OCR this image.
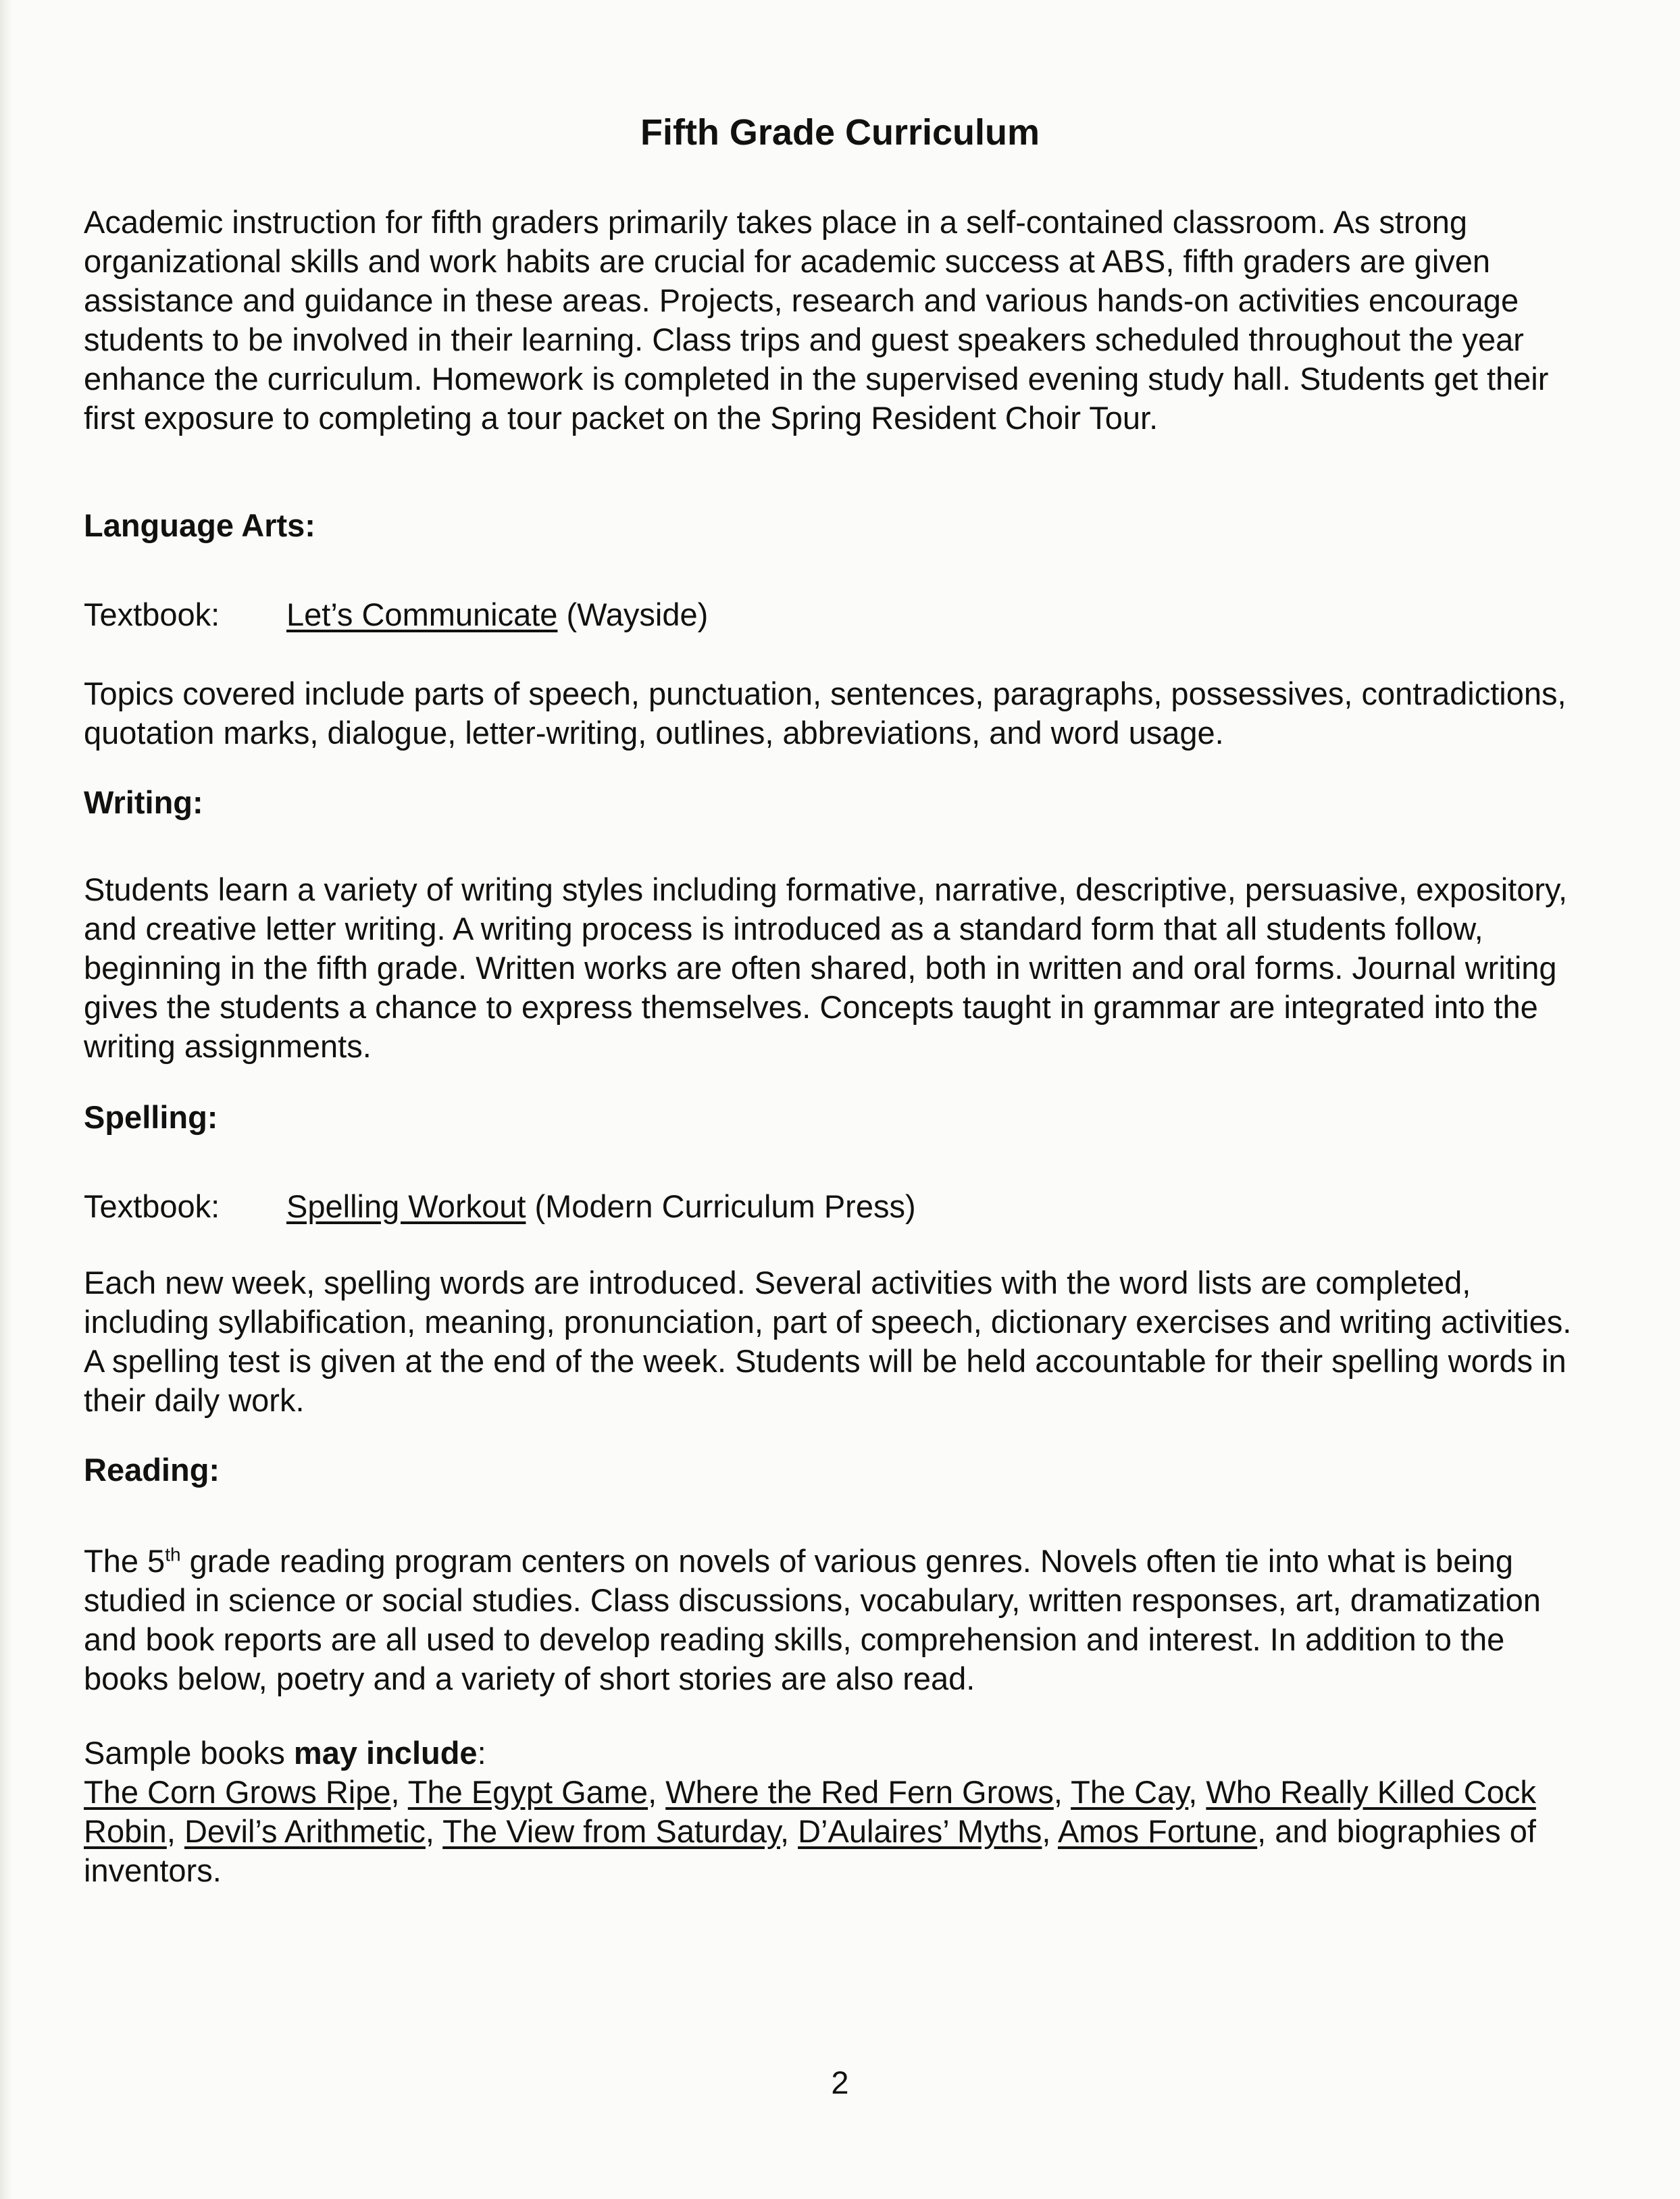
Fifth Grade Curriculum

Academic instruction for fifth graders primarily takes place in a self-contained classroom. As strong organizational skills and work habits are crucial for academic success at ABS, fifth graders are given assistance and guidance in these areas. Projects, research and various hands-on activities encourage students to be involved in their learning. Class trips and guest speakers scheduled throughout the year enhance the curriculum. Homework is completed in the supervised evening study hall. Students get their first exposure to completing a tour packet on the Spring Resident Choir Tour.

Language Arts:

Textbook: Let’s Communicate (Wayside)

Topics covered include parts of speech, punctuation, sentences, paragraphs, possessives, contradictions, quotation marks, dialogue, letter-writing, outlines, abbreviations, and word usage.

Writing:

Students learn a variety of writing styles including formative, narrative, descriptive, persuasive, expository, and creative letter writing. A writing process is introduced as a standard form that all students follow, beginning in the fifth grade. Written works are often shared, both in written and oral forms. Journal writing gives the students a chance to express themselves. Concepts taught in grammar are integrated into the writing assignments.

Spelling:

Textbook: Spelling Workout (Modern Curriculum Press)

Each new week, spelling words are introduced. Several activities with the word lists are completed, including syllabification, meaning, pronunciation, part of speech, dictionary exercises and writing activities. A spelling test is given at the end of the week. Students will be held accountable for their spelling words in their daily work.

Reading:

The 5th grade reading program centers on novels of various genres. Novels often tie into what is being studied in science or social studies. Class discussions, vocabulary, written responses, art, dramatization and book reports are all used to develop reading skills, comprehension and interest. In addition to the books below, poetry and a variety of short stories are also read.

Sample books may include:
The Corn Grows Ripe, The Egypt Game, Where the Red Fern Grows, The Cay, Who Really Killed Cock Robin, Devil’s Arithmetic, The View from Saturday, D’Aulaires’ Myths, Amos Fortune, and biographies of inventors.

2
